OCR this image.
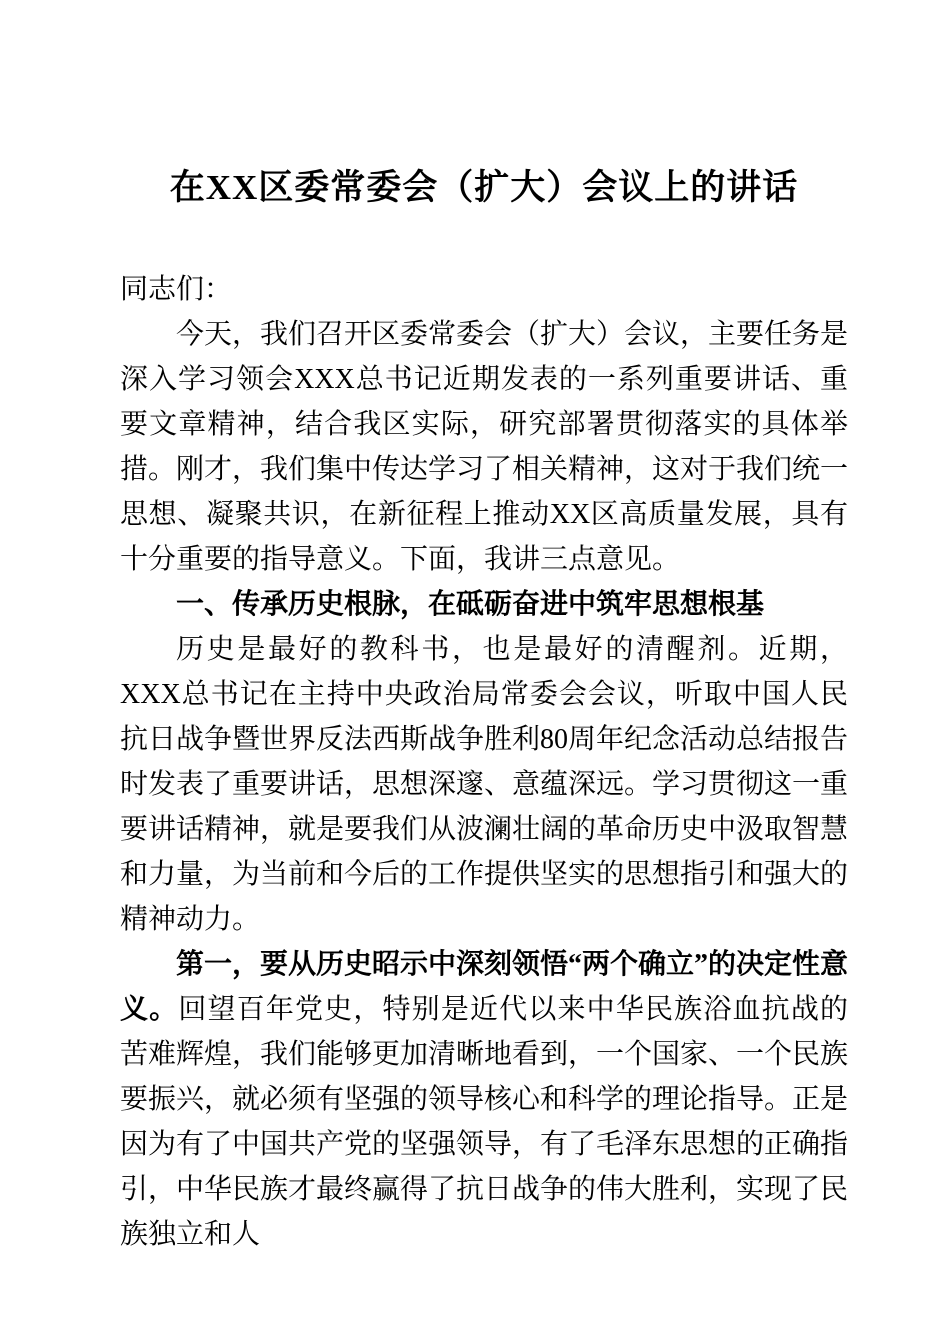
在XX区委常委会（扩大）会议上的讲话

同志们：

今天，我们召开区委常委会（扩大）会议，主要任务是深入学习领会XXX总书记近期发表的一系列重要讲话、重要文章精神，结合我区实际，研究部署贯彻落实的具体举措。刚才，我们集中传达学习了相关精神，这对于我们统一思想、凝聚共识，在新征程上推动XX区高质量发展，具有十分重要的指导意义。下面，我讲三点意见。

一、传承历史根脉，在砥砺奋进中筑牢思想根基

历史是最好的教科书，也是最好的清醒剂。近期，XXX总书记在主持中央政治局常委会会议，听取中国人民抗日战争暨世界反法西斯战争胜利80周年纪念活动总结报告时发表了重要讲话，思想深邃、意蕴深远。学习贯彻这一重要讲话精神，就是要我们从波澜壮阔的革命历史中汲取智慧和力量，为当前和今后的工作提供坚实的思想指引和强大的精神动力。

第一，要从历史昭示中深刻领悟“两个确立”的决定性意义。回望百年党史，特别是近代以来中华民族浴血抗战的苦难辉煌，我们能够更加清晰地看到，一个国家、一个民族要振兴，就必须有坚强的领导核心和科学的理论指导。正是因为有了中国共产党的坚强领导，有了毛泽东思想的正确指引，中华民族才最终赢得了抗日战争的伟大胜利，实现了民族独立和人
